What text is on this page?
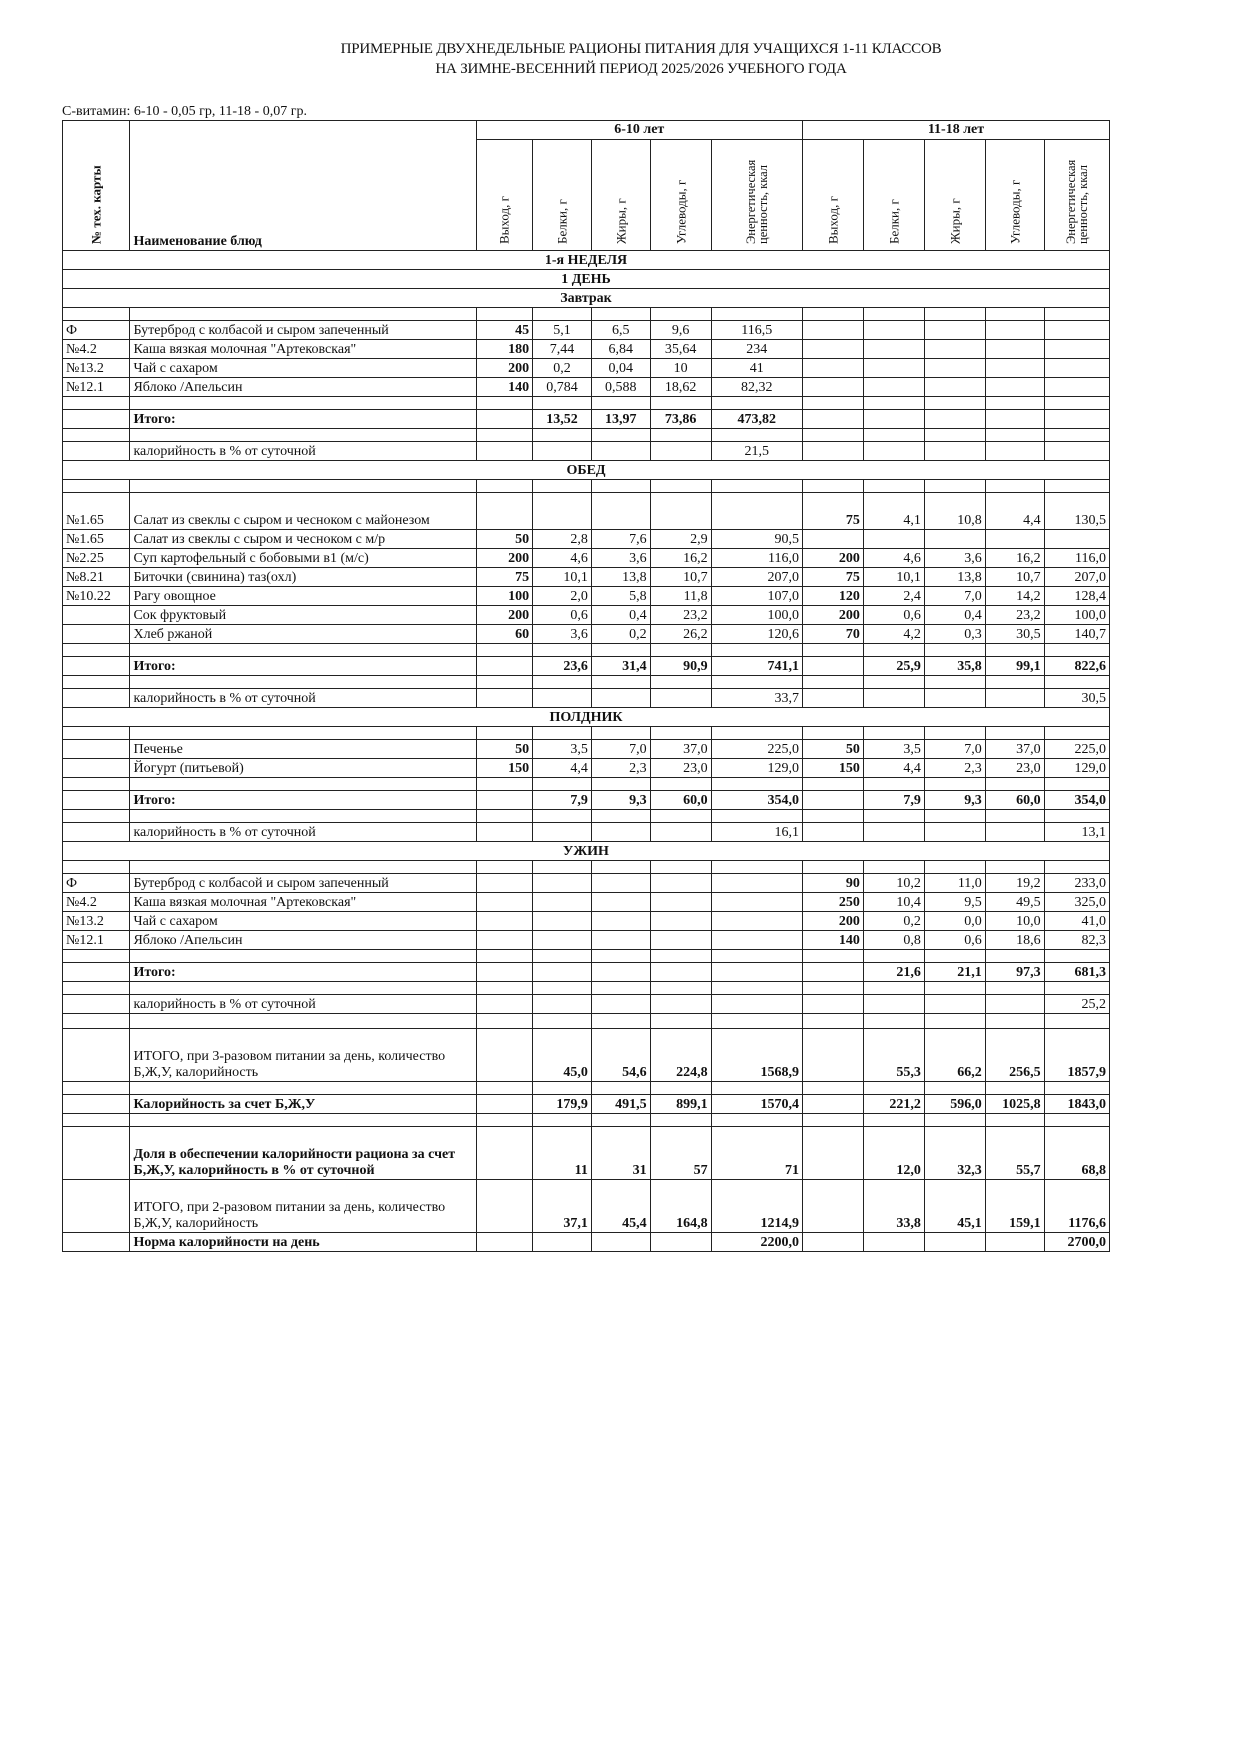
ПРИМЕРНЫЕ ДВУХНЕДЕЛЬНЫЕ РАЦИОНЫ ПИТАНИЯ ДЛЯ УЧАЩИХСЯ 1-11 КЛАССОВ
НА ЗИМНЕ-ВЕСЕННИЙ ПЕРИОД 2025/2026 УЧЕБНОГО ГОДА
С-витамин: 6-10 - 0,05 гр, 11-18 - 0,07 гр.
№ тех. карты	Наименование блюд	6-10 лет					11-18 лет				

		Выход, г	Белки, г	Жиры, г	Углеводы, г	Энергетическая ценность, ккал	Выход, г	Белки, г	Жиры, г	Углеводы, г	Энергетическая ценность, ккал

1-я НЕДЕЛЯ											
1 ДЕНЬ											
Завтрак											

Ф	Бутерброд с колбасой и сыром запеченный	45	5,1	6,5	9,6	116,5					
№4.2	Каша вязкая молочная "Артековская"	180	7,44	6,84	35,64	234					
№13.2	Чай с сахаром	200	0,2	0,04	10	41					
№12.1	Яблоко /Апельсин	140	0,784	0,588	18,62	82,32					

	Итого:		13,52	13,97	73,86	473,82					

	калорийность в % от суточной					21,5					
ОБЕД											

№1.65	Салат из свеклы с сыром и чесноком с майонезом						75	4,1	10,8	4,4	130,5
№1.65	Салат из свеклы с сыром и чесноком с м/р	50	2,8	7,6	2,9	90,5					
№2.25	Суп картофельный с бобовыми в1 (м/с)	200	4,6	3,6	16,2	116,0	200	4,6	3,6	16,2	116,0
№8.21	Биточки (свинина) таз(охл)	75	10,1	13,8	10,7	207,0	75	10,1	13,8	10,7	207,0
№10.22	Рагу овощное	100	2,0	5,8	11,8	107,0	120	2,4	7,0	14,2	128,4
	Сок фруктовый	200	0,6	0,4	23,2	100,0	200	0,6	0,4	23,2	100,0
	Хлеб ржаной	60	3,6	0,2	26,2	120,6	70	4,2	0,3	30,5	140,7

	Итого:		23,6	31,4	90,9	741,1		25,9	35,8	99,1	822,6

	калорийность в % от суточной					33,7					30,5
ПОЛДНИК											

	Печенье	50	3,5	7,0	37,0	225,0	50	3,5	7,0	37,0	225,0
	Йогурт (питьевой)	150	4,4	2,3	23,0	129,0	150	4,4	2,3	23,0	129,0

	Итого:		7,9	9,3	60,0	354,0		7,9	9,3	60,0	354,0

	калорийность в % от суточной					16,1					13,1
УЖИН											

Ф	Бутерброд с колбасой и сыром запеченный						90	10,2	11,0	19,2	233,0
№4.2	Каша вязкая молочная "Артековская"						250	10,4	9,5	49,5	325,0
№13.2	Чай с сахаром						200	0,2	0,0	10,0	41,0
№12.1	Яблоко /Апельсин						140	0,8	0,6	18,6	82,3

	Итого:							21,6	21,1	97,3	681,3

	калорийность в % от суточной										25,2

	ИТОГО, при 3-разовом питании за день, количество Б,Ж,У, калорийность		45,0	54,6	224,8	1568,9		55,3	66,2	256,5	1857,9

	Калорийность за счет Б,Ж,У		179,9	491,5	899,1	1570,4		221,2	596,0	1025,8	1843,0

	Доля в обеспечении калорийности рациона за счет Б,Ж,У, калорийность в % от суточной		11	31	57	71		12,0	32,3	55,7	68,8
	ИТОГО, при 2-разовом питании за день, количество Б,Ж,У, калорийность		37,1	45,4	164,8	1214,9		33,8	45,1	159,1	1176,6
	Норма калорийности на день					2200,0					2700,0
